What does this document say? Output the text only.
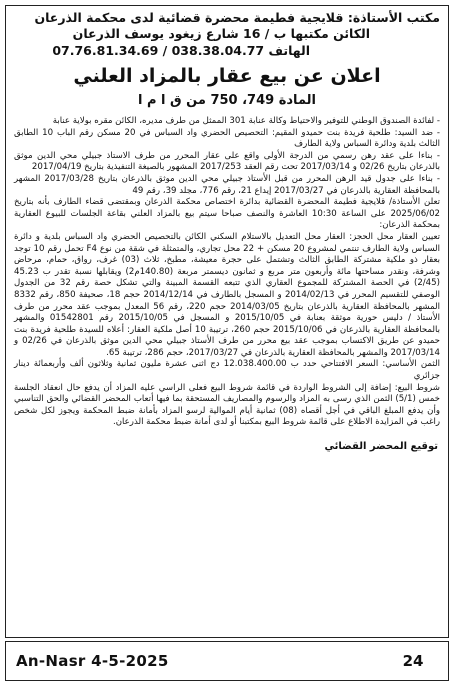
مكتب الأستاذة: قلايجية فطيمة محضرة قضائية لدى محكمة الذرعان
الكائن مكتبها ب / 16 شارع زيغود يوسف الذرعان
الهاتف 038.38.04.77 / 07.76.81.34.69
اعلان عن بيع عقار بالمزاد العلني
المادة 749، 750 من ق ا م ا

- لفائدة الصندوق الوطني للتوفير والاحتياط وكالة عنابة 301 الممثل من طرف مديره، الكائن مقره بولاية عنابة

- ضد السيد: طلحية فريدة بنت حميدو المقيم: التحصيص الحضري واد السباس في 20 مسكن رقم الباب 10 الطابق الثالث بلدية ودائرة السباس ولاية الطارف

- بناءا على عقد رهن رسمي من الدرجة الأولى واقع على عقار المحرر من طرف الاستاذ جبيلي محي الدين موثق بالذرعان بتاريخ 02/26 و 2017/03/14 تحت رقم العقد 2017/253 المشهور بالصيغة التنفيذية بتاريخ 2017/04/19

- بناءا على جدول قيد الرهن المحرر من قبل الأستاذ جبيلي محي الدين موثق بالذرعان بتاريخ 2017/03/28 المشهر بالمحافظة العقارية بالذرعان في 2017/03/27 إيداع 21، رقم 776، مجلد 39، رقم 49

تعلن الأستاذة/ قلايجية فطيمة المحضرة القضائية بدائرة اختصاص محكمة الذرعان وبمقتضى قضاء الطارف بأنه بتاريخ 2025/06/02 على الساعة 10:30 العاشرة والنصف صباحا سيتم بيع بالمزاد العلني بقاعة الجلسات للبيوع العقارية بمحكمة الذرعان:

تعيين العقار محل الحجز: العقار محل التعديل بالاستلام السكني الكائن بالتحصيص الحضري واد السباس بلدية و دائرة السباس ولاية الطارف تنتمي لمشروع 20 مسكن + 22 محل تجاري، والمتمثلة في شقة من نوع F4 تحمل رقم 10 توجد بعقار ذو ملكية مشتركة الطابق الثالث وتشتمل على حجرة معيشة، مطبخ، ثلاث (03) غرف، رواق، حمام، مرحاض وشرفة، ونقدر مساحتها مائة وأربعون متر مربع و ثمانون ديسمتر مربعة (140.80م2) ويقابلها نسبة تقدر ب 45.23 (2/45) في الحصة المشتركة للمجموع العقاري الذي تتبعه القسمة المبينة والتي تشكل حصة رقم 32 من الجدول الوصفي للتقسيم المحرر في 2014/02/13 و المسجل بالطارف في 2014/12/14 حجم 18، صحيفة 850، رقم 8332 المشهر بالمحافظة العقارية بالذرعان بتاريخ 2014/03/05 حجم 220، رقم 56 المعدل بموجب عقد محرر من طرف الأستاذ / دليس حورية موثقة بعنابة في 2015/10/05 و المسجل في 2015/10/05 رقم 01542801 والمشهر بالمحافظة العقارية بالذرعان في 2015/10/06 حجم 260، ترتيبة 10 أصل ملكية العقار: أعلاه للسيدة طلحية فريدة بنت حميدو عن طريق الاكتساب بموجب عقد بيع محرر من طرف الأستاذ جبيلي محي الدين موثق بالذرعان في 02/26 و 2017/03/14 والمشهر بالمحافظة العقارية بالذرعان في 2017/03/27، حجم 286، ترتيبة 65.

الثمن الأساسي: السعر الافتتاحي حدد ب 12.038.400.00 دج اثنى عشرة مليون ثمانية وثلاثون ألف وأربعمائة دينار جزائري

شروط البيع: إضافة إلى الشروط الواردة في قائمة شروط البيع فعلى الراسي عليه المزاد أن يدفع حال انعقاد الجلسة خمس (5/1) الثمن الذي رسى به المزاد والرسوم والمصاريف المستحقة بما فيها أتعاب المحضر القضائي والحق التناسبي وأن يدفع المبلغ الباقي في أجل أقصاه (08) ثمانية أيام الموالية لرسو المزاد بأمانة ضبط المحكمة ويجوز لكل شخص راغب في المزايدة الاطلاع على قائمة شروط البيع بمكتبنا أو لدى أمانة ضبط محكمة الذرعان.

توقيع المحضر القضائي
An-Nasr 4-5-2025	24
